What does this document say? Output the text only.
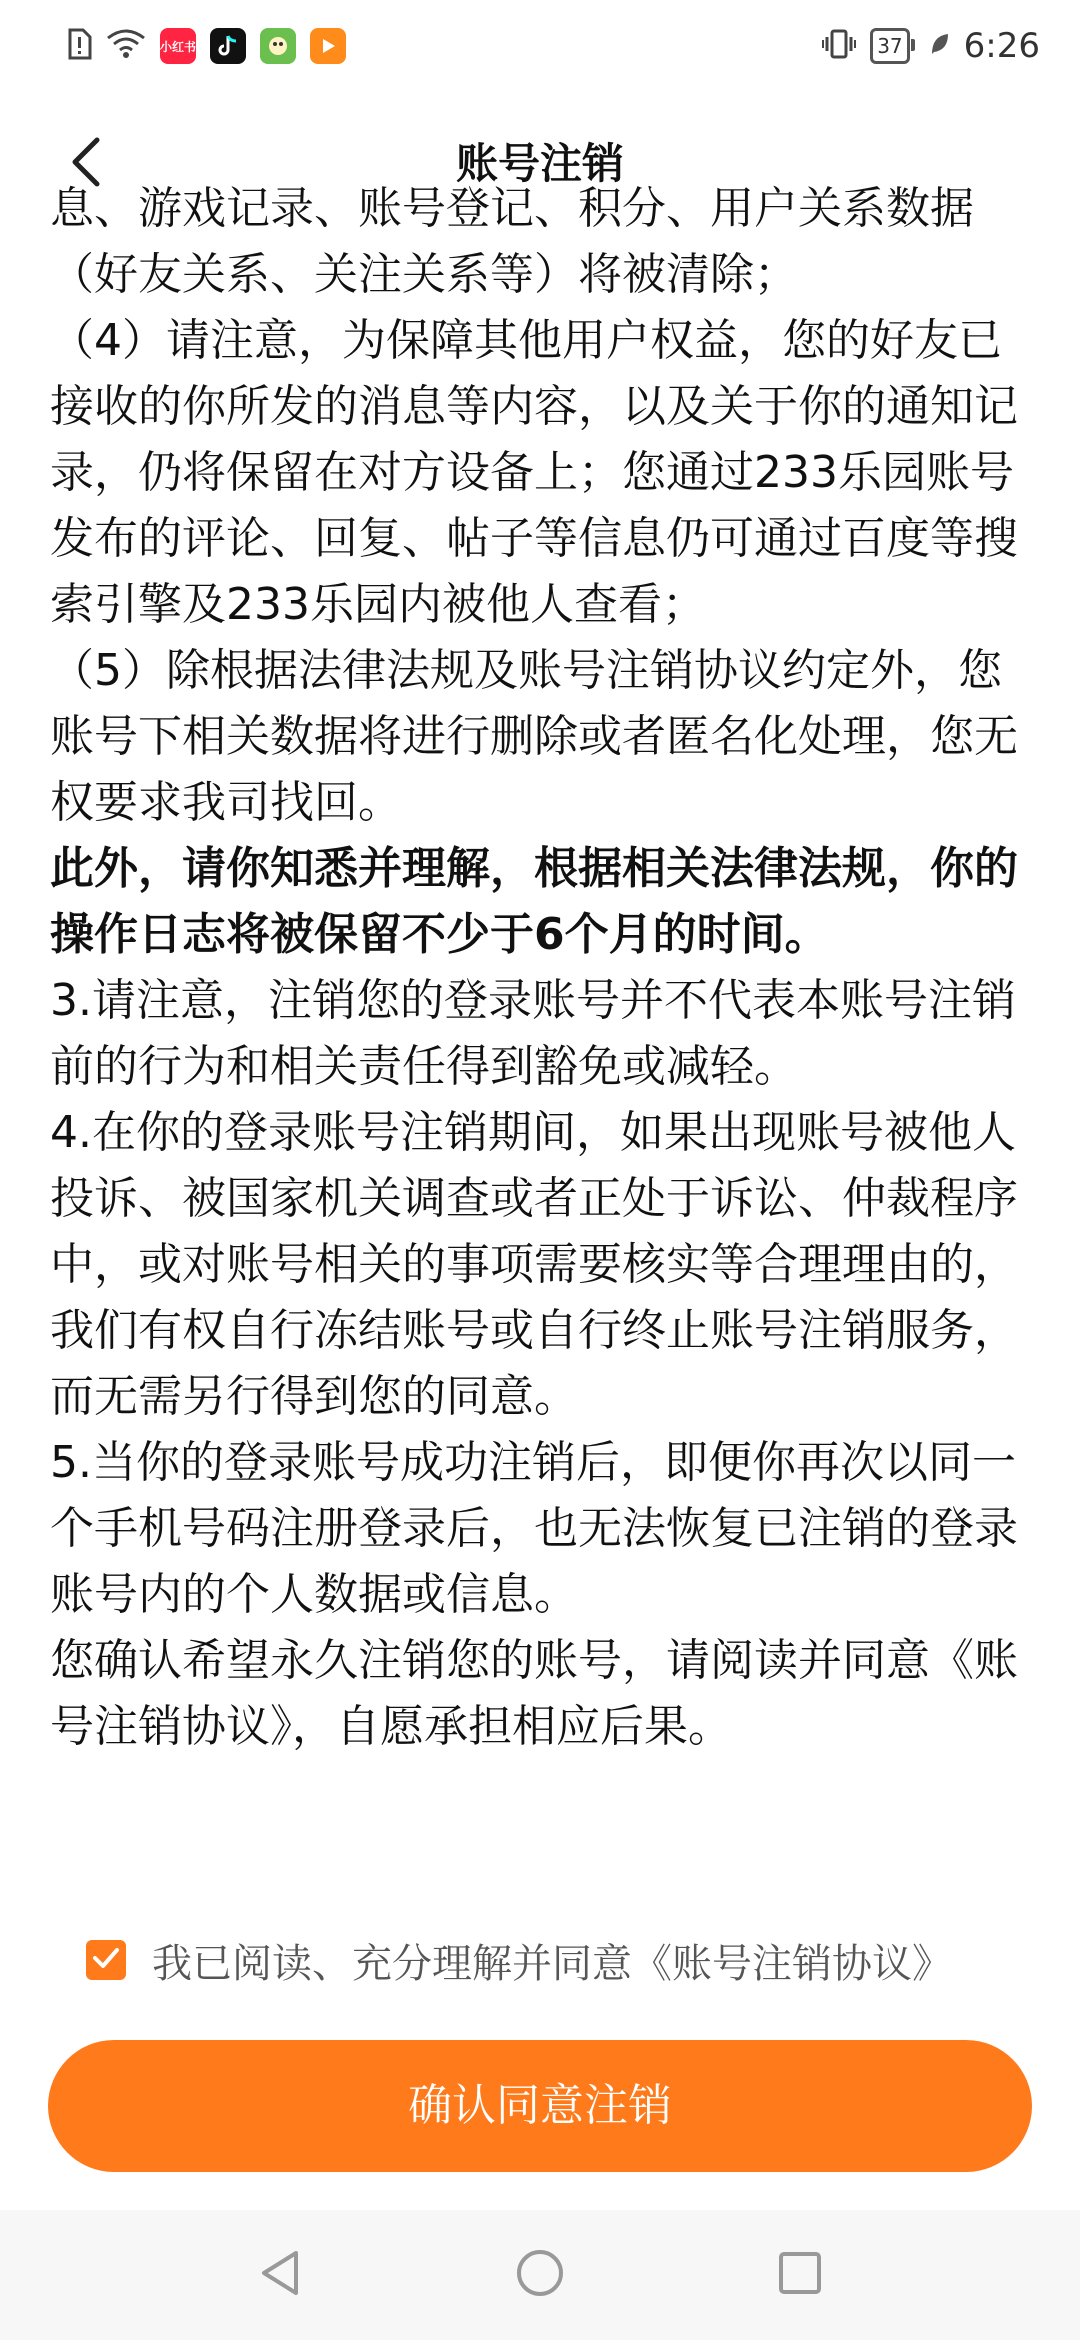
小红书	37 6:26
账号注销

息、游戏记录、账号登记、积分、用户关系数据（好友关系、关注关系等）将被清除；

（4）请注意，为保障其他用户权益，您的好友已接收的你所发的消息等内容，以及关于你的通知记录，仍将保留在对方设备上；您通过233乐园账号发布的评论、回复、帖子等信息仍可通过百度等搜索引擎及233乐园内被他人查看；

（5）除根据法律法规及账号注销协议约定外，您账号下相关数据将进行删除或者匿名化处理，您无权要求我司找回。

此外，请你知悉并理解，根据相关法律法规，你的操作日志将被保留不少于6个月的时间。

3.请注意，注销您的登录账号并不代表本账号注销前的行为和相关责任得到豁免或减轻。

4.在你的登录账号注销期间，如果出现账号被他人投诉、被国家机关调查或者正处于诉讼、仲裁程序中，或对账号相关的事项需要核实等合理理由的，我们有权自行冻结账号或自行终止账号注销服务，而无需另行得到您的同意。

5.当你的登录账号成功注销后，即便你再次以同一个手机号码注册登录后，也无法恢复已注销的登录账号内的个人数据或信息。

您确认希望永久注销您的账号，请阅读并同意《账号注销协议》，自愿承担相应后果。

我已阅读、充分理解并同意《账号注销协议》
确认同意注销
